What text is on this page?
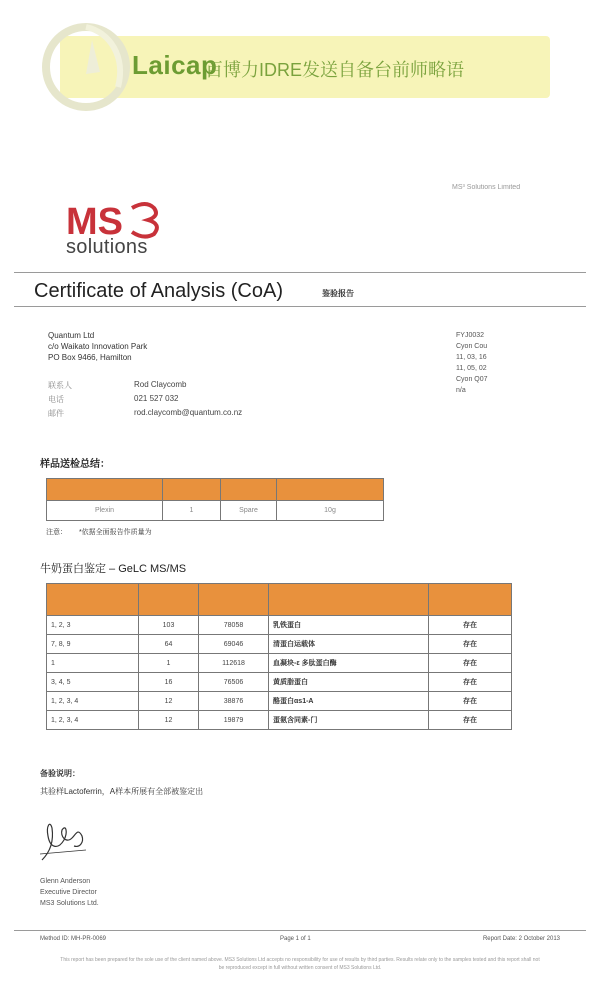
Laicap
百博力IDRE发送自备台前师略语
MS
solutions
MS³ Solutions Limited
Certificate of Analysis (CoA)	鉴验报告
Quantum Ltd
c/o Waikato Innovation Park
PO Box 9466, Hamilton
联系人	Rod Claycomb
电话	021 527 032
邮件	rod.claycomb@quantum.co.nz
FYJ0032
Cyon Cou
11, 03, 16
11, 05, 02
Cyon Q07
n/a
样品送检总结：

Plexin	1	Spare	10g
注意： *依据全面报告作质量为
牛奶蛋白鉴定 – GeLC MS/MS

1, 2, 3	103	78058	乳铁蛋白	存在
7, 8, 9	64	69046	清蛋白运载体	存在
1	1	112618	血凝块-ε 多肽蛋白酶	存在
3, 4, 5	16	76506	黄质脂蛋白	存在
1, 2, 3, 4	12	38876	酪蛋白αs1-A	存在
1, 2, 3, 4	12	19879	蛋氨含同素-门	存在
备验说明：
其验样Lactoferrin，A样本所展有全部被鉴定出
Glenn Anderson
Executive Director
MS3 Solutions Ltd.
Method ID: MH-PR-0069	Page 1 of 1	Report Date: 2 October 2013
This report has been prepared for the sole use of the client named above. MS3 Solutions Ltd accepts no responsibility for use of results by third parties. Results relate only to the samples tested and this report shall not be reproduced except in full without written consent of MS3 Solutions Ltd.
